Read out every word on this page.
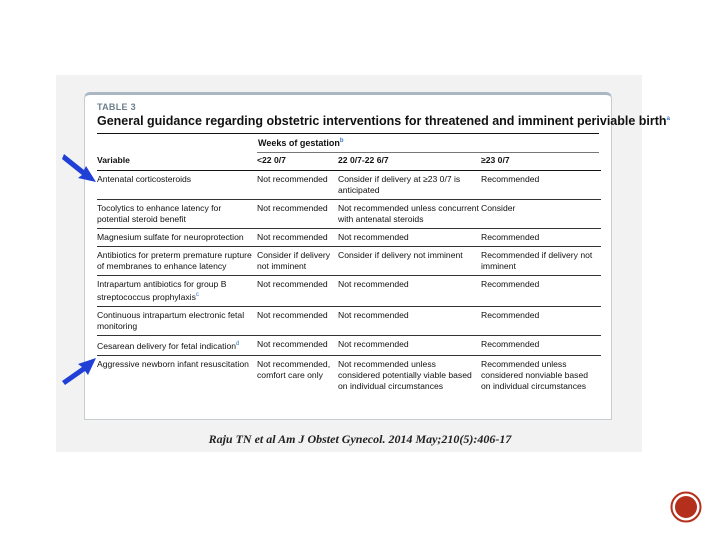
TABLE 3
General guidance regarding obstetric interventions for threatened and imminent periviable birth$^a$
Weeks of gestation$^b$
Variable	<22 0/7	22 0/7-22 6/7	≥23 0/7
Antenatal corticosteroids	Not recommended	Consider if delivery at ≥23 0/7 is anticipated	Recommended
Tocolytics to enhance latency for potential steroid benefit	Not recommended	Not recommended unless concurrent with antenatal steroids	Consider
Magnesium sulfate for neuroprotection	Not recommended	Not recommended	Recommended
Antibiotics for preterm premature rupture of membranes to enhance latency	Consider if delivery not imminent	Consider if delivery not imminent	Recommended if delivery not imminent
Intrapartum antibiotics for group B streptococcus prophylaxis$^c$	Not recommended	Not recommended	Recommended
Continuous intrapartum electronic fetal monitoring	Not recommended	Not recommended	Recommended
Cesarean delivery for fetal indication$^d$	Not recommended	Not recommended	Recommended
Aggressive newborn infant resuscitation	Not recommended, comfort care only	Not recommended unless considered potentially viable based on individual circumstances	Recommended unless considered nonviable based on individual circumstances
Raju TN et al Am J Obstet Gynecol. 2014 May;210(5):406-17
